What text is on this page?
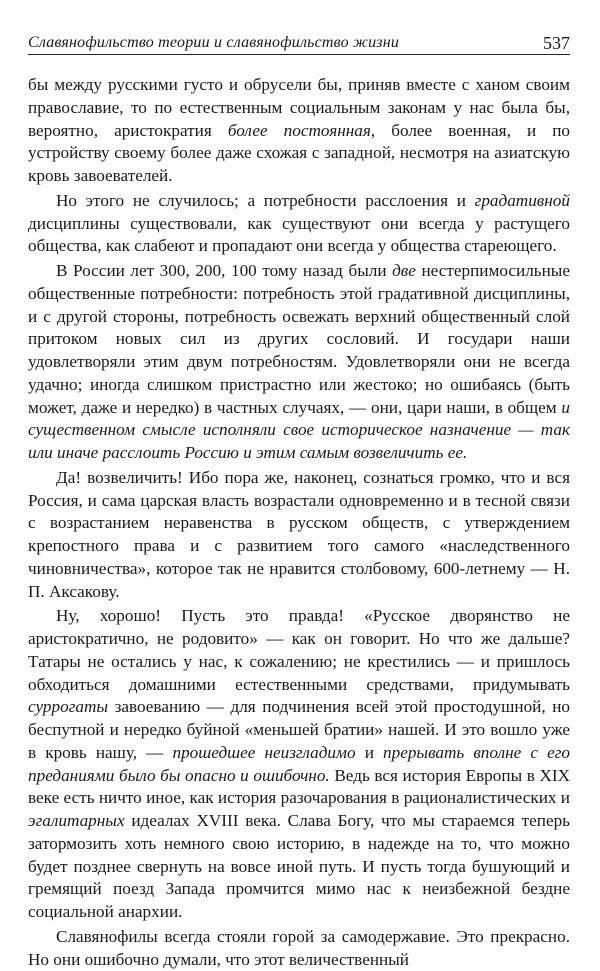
Славянофильство теории и славянофильство жизни	537

бы между русскими густо и обрусели бы, приняв вместе с ханом своим православие, то по естественным социальным законам у нас была бы, вероятно, аристократия более постоянная, более военная, и по устройству своему более даже схожая с западной, несмотря на азиатскую кровь завоевателей.

Но этого не случилось; а потребности расслоения и градативной дисциплины существовали, как существуют они всегда у растущего общества, как слабеют и пропадают они всегда у общества стареющего.

В России лет 300, 200, 100 тому назад были две нестерпимосильные общественные потребности: потребность этой градативной дисциплины, и с другой стороны, потребность освежать верхний общественный слой притоком новых сил из других сословий. И государи наши удовлетворяли этим двум потребностям. Удовлетворяли они не всегда удачно; иногда слишком пристрастно или жестоко; но ошибаясь (быть может, даже и нередко) в частных случаях, — они, цари наши, в общем и существенном смысле исполняли свое историческое назначение — так или иначе расслоить Россию и этим самым возвеличить ее.

Да! возвеличить! Ибо пора же, наконец, сознаться громко, что и вся Россия, и сама царская власть возрастали одновременно и в тесной связи с возрастанием неравенства в русском обществ, с утверждением крепостного права и с развитием того самого «наследственного чиновничества», которое так не нравится столбовому, 600-летнему — Н. П. Аксакову.

Ну, хорошо! Пусть это правда! «Русское дворянство не аристократично, не родовито» — как он говорит. Но что же дальше? Татары не остались у нас, к сожалению; не крестились — и пришлось обходиться домашними естественными средствами, придумывать суррогаты завоеванию — для подчинения всей этой простодушной, но беспутной и нередко буйной «меньшей братии» нашей. И это вошло уже в кровь нашу, — прошедшее неизгладимо и прерывать вполне с его преданиями было бы опасно и ошибочно. Ведь вся история Европы в XIX веке есть ничто иное, как история разочарования в рационалистических и эгалитарных идеалах XVIII века. Слава Богу, что мы стараемся теперь затормозить хоть немного свою историю, в надежде на то, что можно будет позднее свернуть на вовсе иной путь. И пусть тогда бушующий и гремящий поезд Запада промчится мимо нас к неизбежной бездне социальной анархии.

Славянофилы всегда стояли горой за самодержавие. Это прекрасно. Но они ошибочно думали, что этот величественный
